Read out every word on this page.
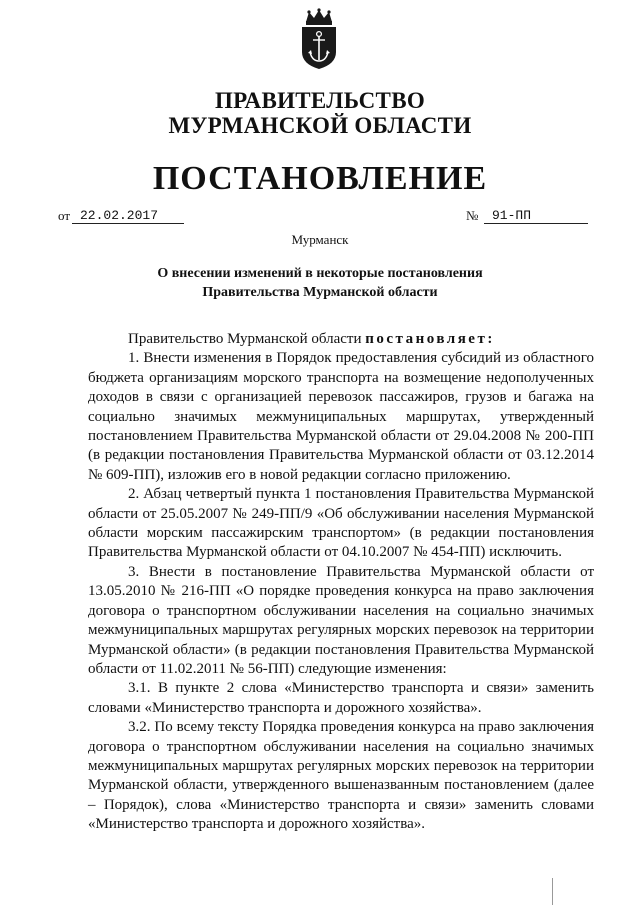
ПРАВИТЕЛЬСТВО
МУРМАНСКОЙ ОБЛАСТИ
ПОСТАНОВЛЕНИЕ
от 22.02.2017	№	91-ПП
Мурманск
О внесении изменений в некоторые постановления
Правительства Мурманской области

Правительство Мурманской области постановляет:

1. Внести изменения в Порядок предоставления субсидий из областного бюджета организациям морского транспорта на возмещение недополученных доходов в связи с организацией перевозок пассажиров, грузов и багажа на социально значимых межмуниципальных маршрутах, утвержденный постановлением Правительства Мурманской области от 29.04.2008 № 200-ПП (в редакции постановления Правительства Мурманской области от 03.12.2014 № 609-ПП), изложив его в новой редакции согласно приложению.

2. Абзац четвертый пункта 1 постановления Правительства Мурманской области от 25.05.2007 № 249-ПП/9 «Об обслуживании населения Мурманской области морским пассажирским транспортом» (в редакции постановления Правительства Мурманской области от 04.10.2007 № 454-ПП) исключить.

3. Внести в постановление Правительства Мурманской области от 13.05.2010 № 216-ПП «О порядке проведения конкурса на право заключения договора о транспортном обслуживании населения на социально значимых межмуниципальных маршрутах регулярных морских перевозок на территории Мурманской области» (в редакции постановления Правительства Мурманской области от 11.02.2011 № 56-ПП) следующие изменения:

3.1. В пункте 2 слова «Министерство транспорта и связи» заменить словами «Министерство транспорта и дорожного хозяйства».

3.2. По всему тексту Порядка проведения конкурса на право заключения договора о транспортном обслуживании населения на социально значимых межмуниципальных маршрутах регулярных морских перевозок на территории Мурманской области, утвержденного вышеназванным постановлением (далее – Порядок), слова «Министерство транспорта и связи» заменить словами «Министерство транспорта и дорожного хозяйства».
